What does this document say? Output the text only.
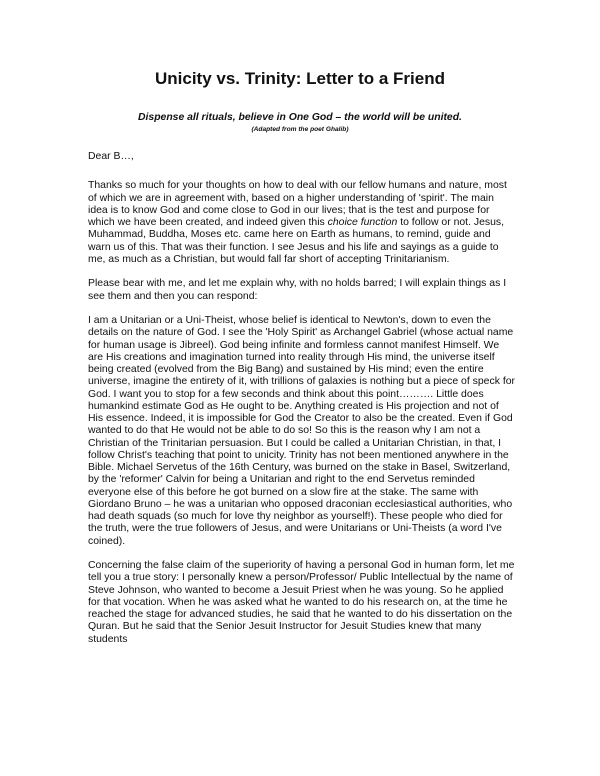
Unicity vs. Trinity: Letter to a Friend
Dispense all rituals, believe in One God – the world will be united.
(Adapted from the poet Ghalib)

Dear B…,

Thanks so much for your thoughts on how to deal with our fellow humans and nature, most of which we are in agreement with, based on a higher understanding of 'spirit'. The main idea is to know God and come close to God in our lives; that is the test and purpose for which we have been created, and indeed given this choice function to follow or not. Jesus, Muhammad, Buddha, Moses etc. came here on Earth as humans, to remind, guide and warn us of this. That was their function. I see Jesus and his life and sayings as a guide to me, as much as a Christian, but would fall far short of accepting Trinitarianism.

Please bear with me, and let me explain why, with no holds barred; I will explain things as I see them and then you can respond:

I am a Unitarian or a Uni-Theist, whose belief is identical to Newton's, down to even the details on the nature of God. I see the 'Holy Spirit' as Archangel Gabriel (whose actual name for human usage is Jibreel). God being infinite and formless cannot manifest Himself. We are His creations and imagination turned into reality through His mind, the universe itself being created (evolved from the Big Bang) and sustained by His mind; even the entire universe, imagine the entirety of it, with trillions of galaxies is nothing but a piece of speck for God. I want you to stop for a few seconds and think about this point………. Little does humankind estimate God as He ought to be. Anything created is His projection and not of His essence. Indeed, it is impossible for God the Creator to also be the created. Even if God wanted to do that He would not be able to do so! So this is the reason why I am not a Christian of the Trinitarian persuasion. But I could be called a Unitarian Christian, in that, I follow Christ's teaching that point to unicity. Trinity has not been mentioned anywhere in the Bible. Michael Servetus of the 16th Century, was burned on the stake in Basel, Switzerland, by the 'reformer' Calvin for being a Unitarian and right to the end Servetus reminded everyone else of this before he got burned on a slow fire at the stake. The same with Giordano Bruno – he was a unitarian who opposed draconian ecclesiastical authorities, who had death squads (so much for love thy neighbor as yourself!). These people who died for the truth, were the true followers of Jesus, and were Unitarians or Uni-Theists (a word I've coined).

Concerning the false claim of the superiority of having a personal God in human form, let me tell you a true story: I personally knew a person/Professor/ Public Intellectual by the name of Steve Johnson, who wanted to become a Jesuit Priest when he was young. So he applied for that vocation. When he was asked what he wanted to do his research on, at the time he reached the stage for advanced studies, he said that he wanted to do his dissertation on the Quran. But he said that the Senior Jesuit Instructor for Jesuit Studies knew that many students
